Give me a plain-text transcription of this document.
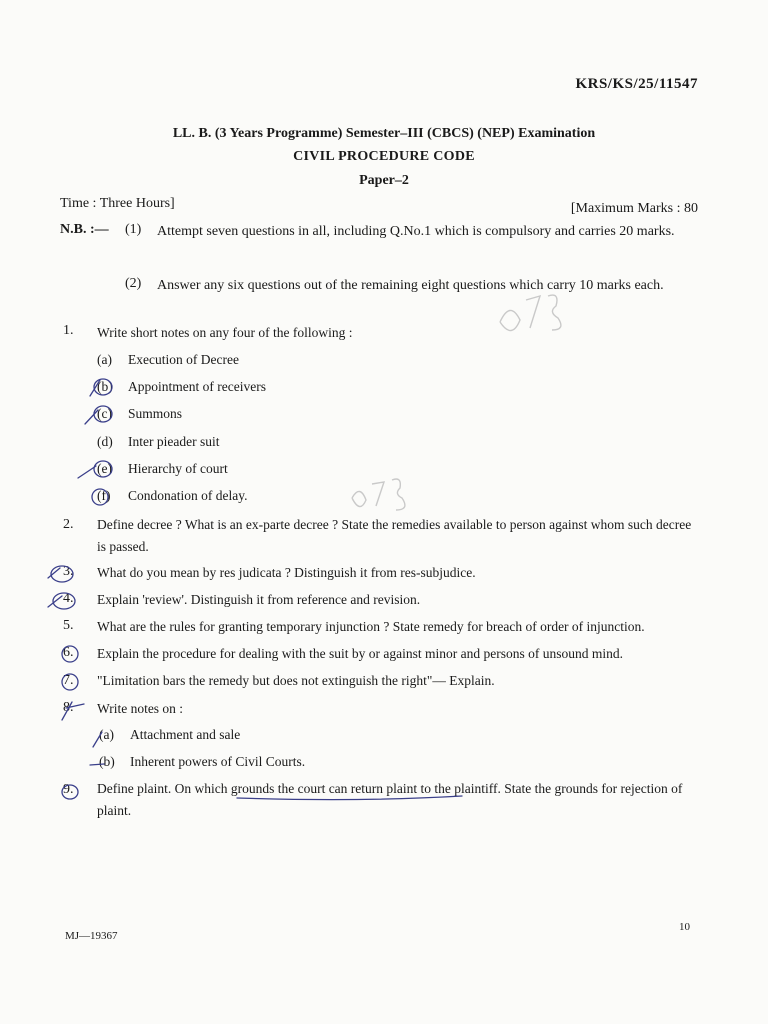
KRS/KS/25/11547
LL. B. (3 Years Programme) Semester–III (CBCS) (NEP) Examination
CIVIL PROCEDURE CODE
Paper–2
Time : Three Hours]	[Maximum Marks : 80
N.B. :— (1) Attempt seven questions in all, including Q.No.1 which is compulsory and carries 20 marks.
(2) Answer any six questions out of the remaining eight questions which carry 10 marks each.
1. Write short notes on any four of the following :
(a) Execution of Decree
(b) Appointment of receivers
(c) Summons
(d) Inter pieader suit
(e) Hierarchy of court
(f) Condonation of delay.
2. Define decree ? What is an ex-parte decree ? State the remedies available to person against whom such decree is passed.
3. What do you mean by res judicata ? Distinguish it from res-subjudice.
4. Explain 'review'. Distinguish it from reference and revision.
5. What are the rules for granting temporary injunction ? State remedy for breach of order of injunction.
6. Explain the procedure for dealing with the suit by or against minor and persons of unsound mind.
7. "Limitation bars the remedy but does not extinguish the right"— Explain.
8. Write notes on :
(a) Attachment and sale
(b) Inherent powers of Civil Courts.
9. Define plaint. On which grounds the court can return plaint to the plaintiff. State the grounds for rejection of plaint.
MJ—19367
10
